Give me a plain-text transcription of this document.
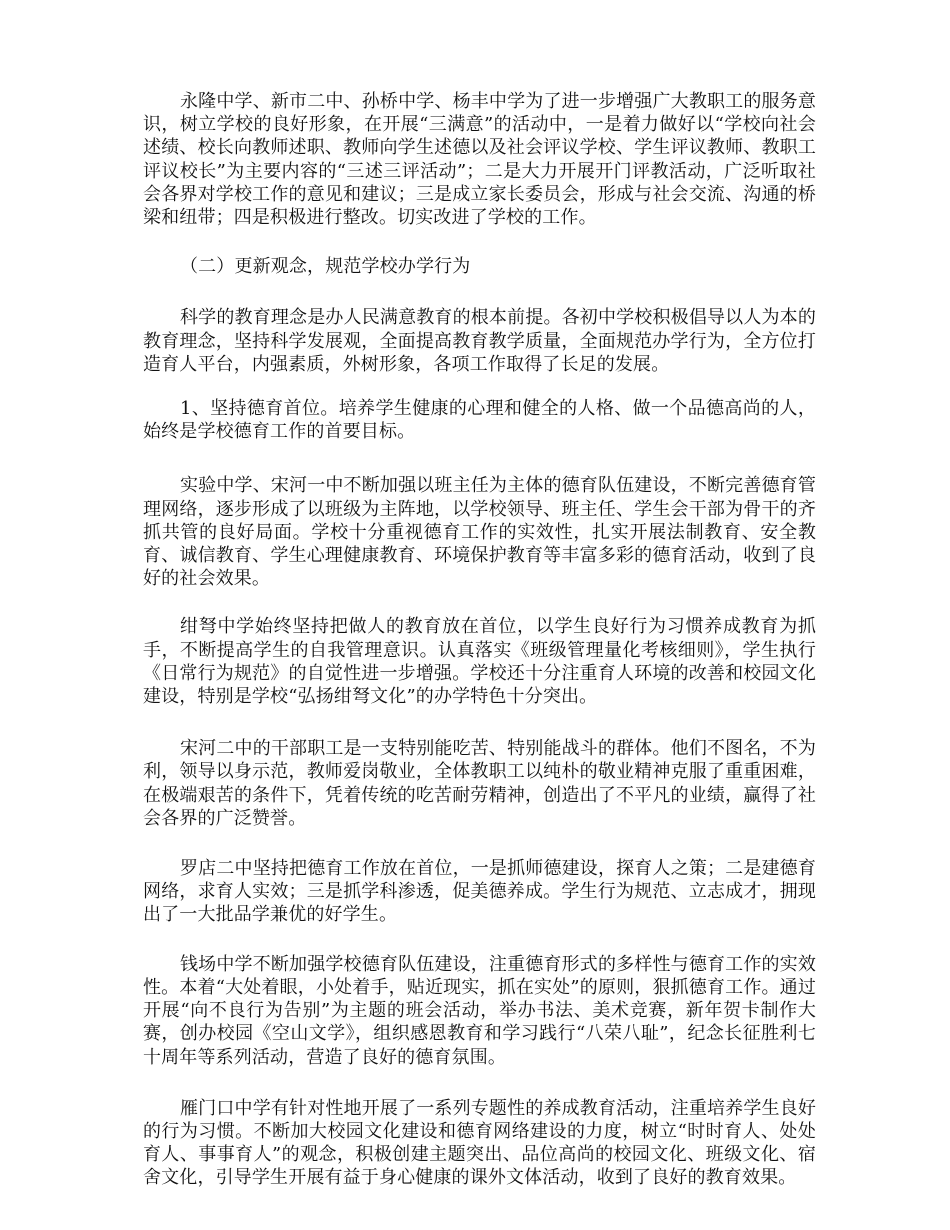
永隆中学、新市二中、孙桥中学、杨丰中学为了进一步增强广大教职工的服务意识，树立学校的良好形象，在开展“三满意”的活动中，一是着力做好以“学校向社会述绩、校长向教师述职、教师向学生述德以及社会评议学校、学生评议教师、教职工评议校长”为主要内容的“三述三评活动”；二是大力开展开门评教活动，广泛听取社会各界对学校工作的意见和建议；三是成立家长委员会，形成与社会交流、沟通的桥梁和纽带；四是积极进行整改。切实改进了学校的工作。

（二）更新观念，规范学校办学行为

科学的教育理念是办人民满意教育的根本前提。各初中学校积极倡导以人为本的教育理念，坚持科学发展观，全面提高教育教学质量，全面规范办学行为，全方位打造育人平台，内强素质，外树形象，各项工作取得了长足的发展。

1、坚持德育首位。培养学生健康的心理和健全的人格、做一个品德高尚的人，始终是学校德育工作的首要目标。

实验中学、宋河一中不断加强以班主任为主体的德育队伍建设，不断完善德育管理网络，逐步形成了以班级为主阵地，以学校领导、班主任、学生会干部为骨干的齐抓共管的良好局面。学校十分重视德育工作的实效性，扎实开展法制教育、安全教育、诚信教育、学生心理健康教育、环境保护教育等丰富多彩的德育活动，收到了良好的社会效果。

绀弩中学始终坚持把做人的教育放在首位，以学生良好行为习惯养成教育为抓手，不断提高学生的自我管理意识。认真落实《班级管理量化考核细则》，学生执行《日常行为规范》的自觉性进一步增强。学校还十分注重育人环境的改善和校园文化建设，特别是学校“弘扬绀弩文化”的办学特色十分突出。

宋河二中的干部职工是一支特别能吃苦、特别能战斗的群体。他们不图名，不为利，领导以身示范，教师爱岗敬业，全体教职工以纯朴的敬业精神克服了重重困难，在极端艰苦的条件下，凭着传统的吃苦耐劳精神，创造出了不平凡的业绩，赢得了社会各界的广泛赞誉。

罗店二中坚持把德育工作放在首位，一是抓师德建设，探育人之策；二是建德育网络，求育人实效；三是抓学科渗透，促美德养成。学生行为规范、立志成才，拥现出了一大批品学兼优的好学生。

钱场中学不断加强学校德育队伍建设，注重德育形式的多样性与德育工作的实效性。本着“大处着眼，小处着手，贴近现实，抓在实处”的原则，狠抓德育工作。通过开展“向不良行为告别”为主题的班会活动，举办书法、美术竞赛，新年贺卡制作大赛，创办校园《空山文学》，组织感恩教育和学习践行“八荣八耻”，纪念长征胜利七十周年等系列活动，营造了良好的德育氛围。

雁门口中学有针对性地开展了一系列专题性的养成教育活动，注重培养学生良好的行为习惯。不断加大校园文化建设和德育网络建设的力度，树立“时时育人、处处育人、事事育人”的观念，积极创建主题突出、品位高尚的校园文化、班级文化、宿舍文化，引导学生开展有益于身心健康的课外文体活动，收到了良好的教育效果。
